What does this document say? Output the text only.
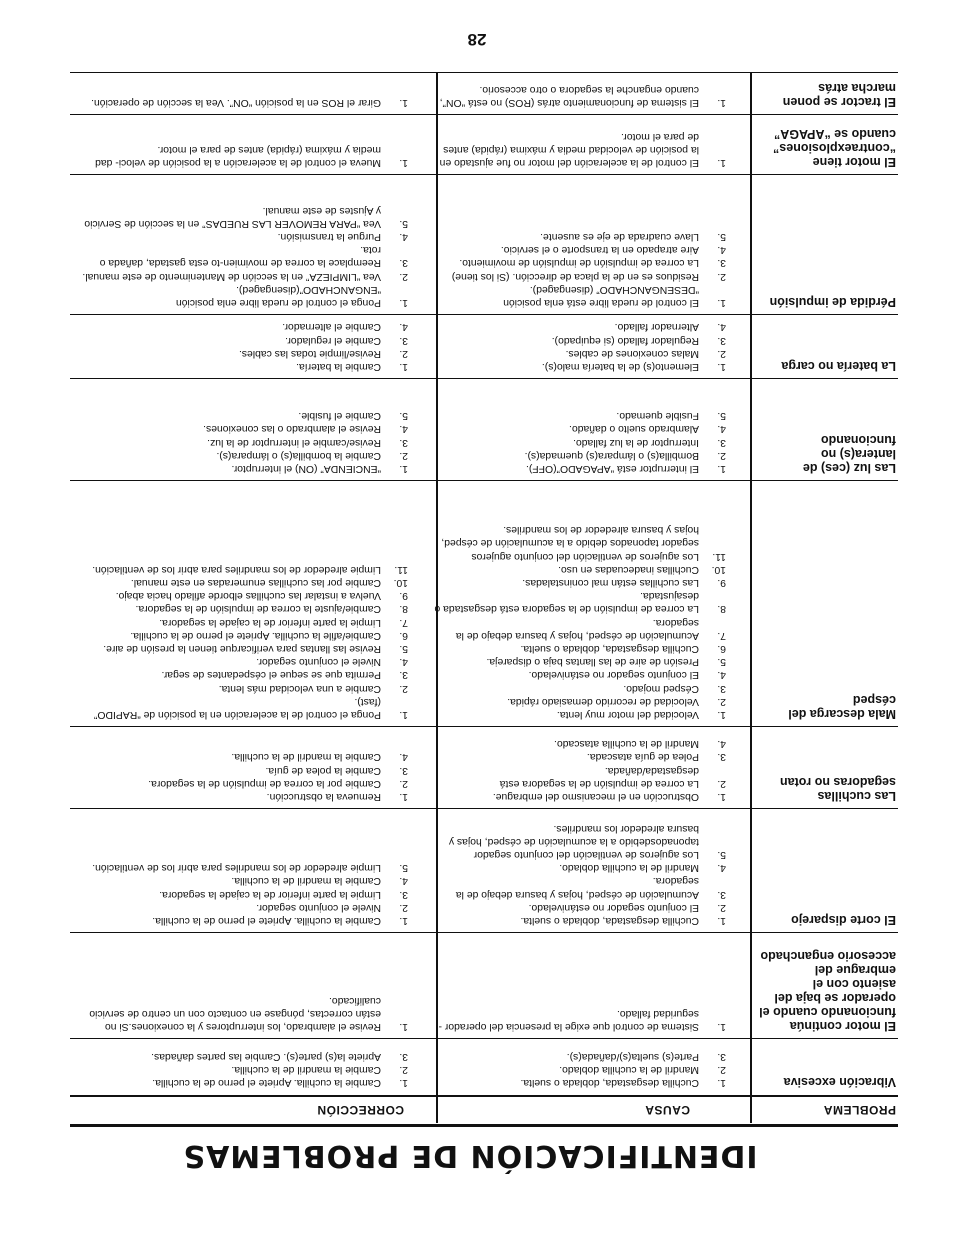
IDENTIFICACIÓN DE PROBLEMAS
PROBLEMA
CAUSA
CORRECCIÓN
Vibración excesiva
1.
Cuchilla desgastada, doblada o suelta.
2.
Mandril de la cuchilla doblado.
3.
Parte(s) suelta(s)/dañada(s).
1.
Cambie la cuchilla. Apriete el perno de la cuchilla.
2.
Cambie la mandril de la cuchilla.
3.
Apriete la(s) parte(s). Cambie las partes dañadas.
El motor continúa funcionando cuando el operador se baja del asiento con el embrague del accesorio enganchado
1.
Sistema de control que exige la presencia del operador -seguridad fallado.
1.
Revise el alambrado, los interruptores y la conexiones.Si no están correctas, póngase en contacto con un centro de servicio cualificado.
El corte disparejo
1.
Cuchilla desgastada, doblada o suelta.
2.
El conjunto segador no estánivelado.
3.
Acumulación de césped, hojas y basura debajo de la segadora.
4.
Mandril de la cuchilla doblado.
5.
Los agujeros de ventilación del conjunto segador taponadosdebido a la acumulación de césped, hojas y basura alrededor los mandriles.
1.
Cambie la cuchilla. Apriete el perno de la cuchilla.
2.
Nivele el conjunto segador.
3.
Limpie la parte inferior de la cajade la segadora.
4.
Cambie la mandril de la cuchilla.
5.
Limpie alrededor de los mandriles para abrir los de ventilación.
Las cuchillas segadoras no rotan
1.
Obstrucción en el mecanismo del embrague.
2.
La correa de impulsión de la segadora está desgastada/dañada.
3.
Polea de guía atascada.
4.
Mandril de la cuchilla atascado.
1.
Remueva la obstrucción.
2.
Cambie por la correa de impulsión de la segadora.
3.
Cambie la polea de guía.
4.
Cambie la mandril de la cuchilla.
Mala descarga del césped
1.
Velocidad del motor muy lenta.
2.
Velocidad de recorrido demasiado rápida.
3.
Césped mojado.
4.
El conjunto segador no estánivelado.
5.
Presión de aire de las llantas baja o dispareja.
6.
Cuchilla desgastada, doblada o suelta.
7.
Acumulación de césped, hojas y basura debajo de la segadora.
8.
La correa de impulsión de la segadora está desgastada o desajustada.
9.
Las cuchillas están mal coninstaladas.
10.
Cuchillas inadecuadas en uso.
11.
Los agujeros de ventilación del conjunto agujeros segador taponados debido a la acumulación de césped, hojas y basura alrededor de los mandriles.
1.
Ponga el control de la aceleración en la posición de “RAPIDO” (fast).
2.
Cambie a una velocidad más lenta.
3.
Permita que se seque el céspedantes de segar.
4.
Nivele el conjunto segador.
5.
Revise las llantas para verificarque tienen la presión de aire.
6.
Cambie/afile la cuchilla. Apriete el perno de la cuchilla.
7.
Limpie la parte inferior de la cajade la segadora.
8.
Cambie/ajuste la correa de impulsión de la segadora.
9.
Vuelva a instalar las cuchillas elborde afilado hacia abajo.
10.
Cambie por las cuchillas enumeradas en este manual.
11.
Limpie alrededor de los mandriles para abrir los de ventilación.
Las luz (ces) de lantera(s) no funcionando
1.
El interruptor está “APAGADO”(OFF).
2.
Bombilla(s) o lámpara(s) quemada(s).
3.
Interruptor de la luz fallado.
4.
Alambrado suelto o dañado.
5.
Fusible quemado.
1.
“ENCIENDA” (ON) el interruptor.
2.
Cambie la bombilla(s) o lámpara(s).
3.
Revise/cambie el interruptor de la luz.
4.
Revise el alambrado o las conexiones.
5.
Cambie el fusible.
La batería no carga
1.
Elemento(s) de la batería malo(s).
2.
Malas conexiones de cables.
3.
Regulador fallado (si equipado).
4.
Alternador fallado.
1.
Cambie la batería.
2.
Revise/limpie todas las cables.
3.
Cambie el regulador.
4.
Cambie el alternador.
Pérdida de impulsión
1.
El control de rueda libre está enla posición “DESENGANCHADO” (disengaged).
2.
Residuos es en de la placa de dirección. (Si los tiene)
3.
La correa de impulsión de impulsión de movimiento.
4.
Aire atrapado en la transporte o el servicio.
5.
Llave cuadrada de eje es ausente.
1.
Ponga el control de rueda libre enla posición “ENGANCHADO”(disengaged).
2.
Vea “LIMPIEZA” en la sección de Mantenimento de este manual.
3.
Reemplace la correa de movimien-to esta gastada, dañada o rota.
4.
Purgue la transmisión.
5.
Vea “PARA REMOVER LAS RUEDAS” en la sección de Servicio y Ajustes de este manual.
El motor tiene “contraexplosiones” cuando se “APAGA”
1.
El control de la aceleración del motor no fue ajustado en la posición de velocidad media y máxima (rápida) antes de para el motor.
1.
Mueva el control de la aceleración a la posición de veloci- dad media y máxima (rápida) antes de para el motor.
El tractor se ponen marcha atrás
1.
El sistema de funcionamiento atrás (ROS) no está “ON”, cuando enganche la segadora o otro accesorio.
1.
Girar el ROS en la posición “ON”. Vea la sección de operación.
28
